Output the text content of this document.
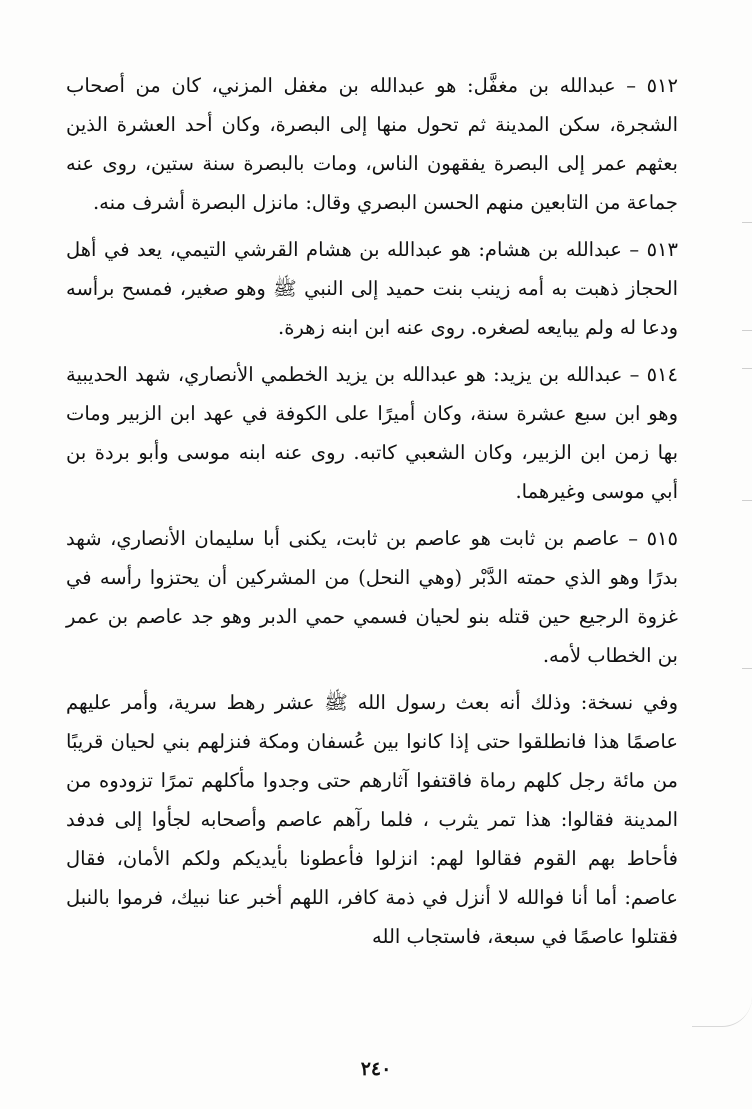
٥١٢ – عبدالله بن مغفَّل: هو عبدالله بن مغفل المزني، كان من أصحاب الشجرة، سكن المدينة ثم تحول منها إلى البصرة، وكان أحد العشرة الذين بعثهم عمر إلى البصرة يفقهون الناس، ومات بالبصرة سنة ستين، روى عنه جماعة من التابعين منهم الحسن البصري وقال: مانزل البصرة أشرف منه.

٥١٣ – عبدالله بن هشام: هو عبدالله بن هشام القرشي التيمي، يعد في أهل الحجاز ذهبت به أمه زينب بنت حميد إلى النبي ﷺ وهو صغير، فمسح برأسه ودعا له ولم يبايعه لصغره. روى عنه ابن ابنه زهرة.

٥١٤ – عبدالله بن يزيد: هو عبدالله بن يزيد الخطمي الأنصاري، شهد الحديبية وهو ابن سبع عشرة سنة، وكان أميرًا على الكوفة في عهد ابن الزبير ومات بها زمن ابن الزبير، وكان الشعبي كاتبه. روى عنه ابنه موسى وأبو بردة بن أبي موسى وغيرهما.

٥١٥ – عاصم بن ثابت هو عاصم بن ثابت، يكنى أبا سليمان الأنصاري، شهد بدرًا وهو الذي حمته الدَّبْر (وهي النحل) من المشركين أن يحتزوا رأسه في غزوة الرجيع حين قتله بنو لحيان فسمي حمي الدبر وهو جد عاصم بن عمر بن الخطاب لأمه.

وفي نسخة: وذلك أنه بعث رسول الله ﷺ عشر رهط سرية، وأمر عليهم عاصمًا هذا فانطلقوا حتى إذا كانوا بين عُسفان ومكة فنزلهم بني لحيان قريبًا من مائة رجل كلهم رماة فاقتفوا آثارهم حتى وجدوا مأكلهم تمرًا تزودوه من المدينة فقالوا: هذا تمر يثرب ، فلما رآهم عاصم وأصحابه لجأوا إلى فدفد فأحاط بهم القوم فقالوا لهم: انزلوا فأعطونا بأيديكم ولكم الأمان، فقال عاصم: أما أنا فوالله لا أنزل في ذمة كافر، اللهم أخبر عنا نبيك، فرموا بالنبل فقتلوا عاصمًا في سبعة، فاستجاب الله

٢٤٠
